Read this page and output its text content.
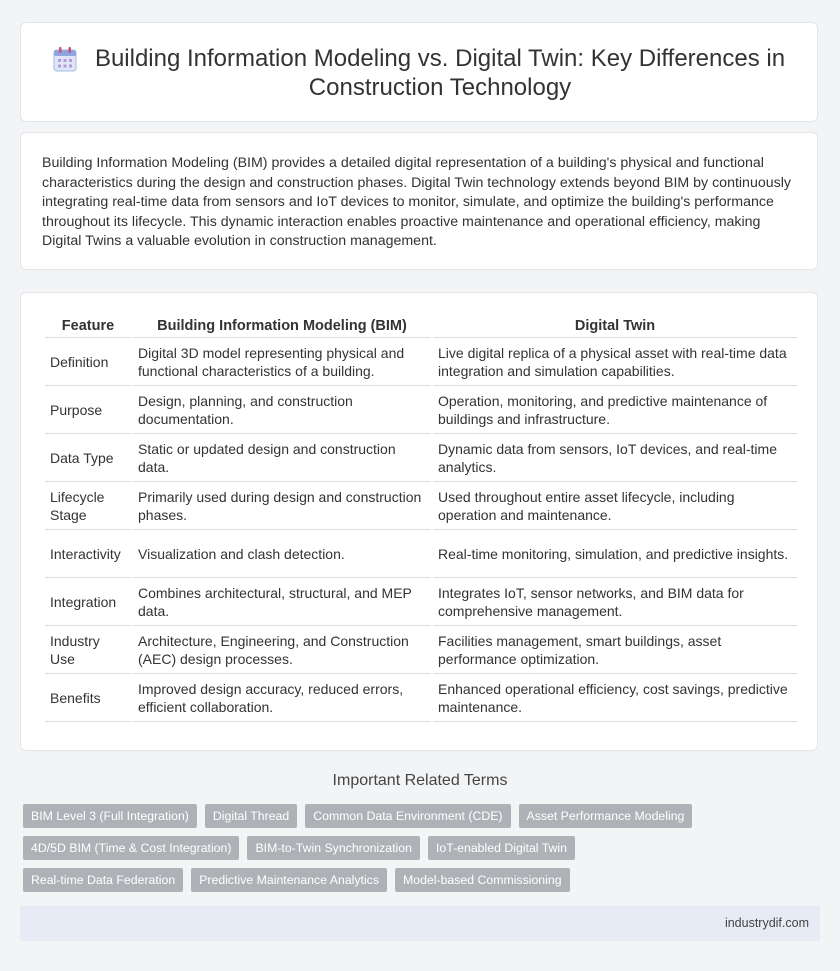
Building Information Modeling vs. Digital Twin: Key Differences in Construction Technology

Building Information Modeling (BIM) provides a detailed digital representation of a building's physical and functional characteristics during the design and construction phases. Digital Twin technology extends beyond BIM by continuously integrating real-time data from sensors and IoT devices to monitor, simulate, and optimize the building's performance throughout its lifecycle. This dynamic interaction enables proactive maintenance and operational efficiency, making Digital Twins a valuable evolution in construction management.

Feature	Building Information Modeling (BIM)	Digital Twin
Definition	Digital 3D model representing physical and functional characteristics of a building.	Live digital replica of a physical asset with real-time data integration and simulation capabilities.
Purpose	Design, planning, and construction documentation.	Operation, monitoring, and predictive maintenance of buildings and infrastructure.
Data Type	Static or updated design and construction data.	Dynamic data from sensors, IoT devices, and real-time analytics.
Lifecycle Stage	Primarily used during design and construction phases.	Used throughout entire asset lifecycle, including operation and maintenance.
Interactivity	Visualization and clash detection.	Real-time monitoring, simulation, and predictive insights.
Integration	Combines architectural, structural, and MEP data.	Integrates IoT, sensor networks, and BIM data for comprehensive management.
Industry Use	Architecture, Engineering, and Construction (AEC) design processes.	Facilities management, smart buildings, asset performance optimization.
Benefits	Improved design accuracy, reduced errors, efficient collaboration.	Enhanced operational efficiency, cost savings, predictive maintenance.
Important Related Terms
BIM Level 3 (Full Integration)	Digital Thread	Common Data Environment (CDE)	Asset Performance Modeling
4D/5D BIM (Time & Cost Integration)	BIM-to-Twin Synchronization	IoT-enabled Digital Twin
Real-time Data Federation	Predictive Maintenance Analytics	Model-based Commissioning
industrydif.com
